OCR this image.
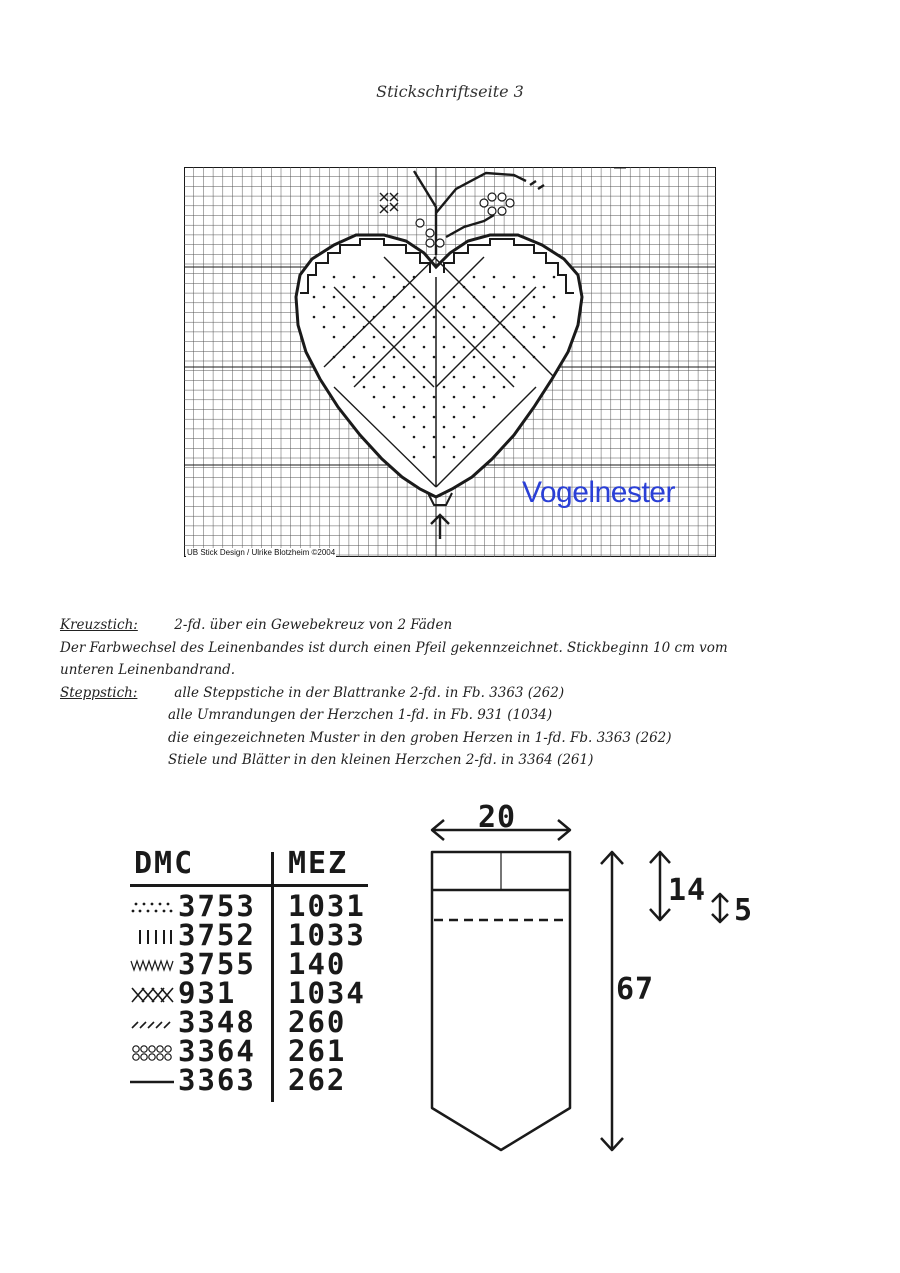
Stickschriftseite 3
UB Stick Design / Ulrike Blotzheim ©2004
Vogelnester
Kreuzstich:	2-fd. über ein Gewebekreuz von 2 Fäden
Der Farbwechsel des Leinenbandes ist durch einen Pfeil gekennzeichnet. Stickbeginn 10 cm vom
unteren Leinenbandrand.
Steppstich:	alle Steppstiche in der Blattranke 2-fd. in Fb. 3363 (262)
alle Umrandungen der Herzchen 1-fd. in Fb. 931 (1034)
die eingezeichneten Muster in den groben Herzen in 1-fd. Fb. 3363 (262)
Stiele und Blätter in den kleinen Herzchen 2-fd. in 3364 (261)
DMC	MEZ
3753 1031
3752 1033
3755 140
931 1034
3348 260
3364 261
3363 262
20
14
5
67
